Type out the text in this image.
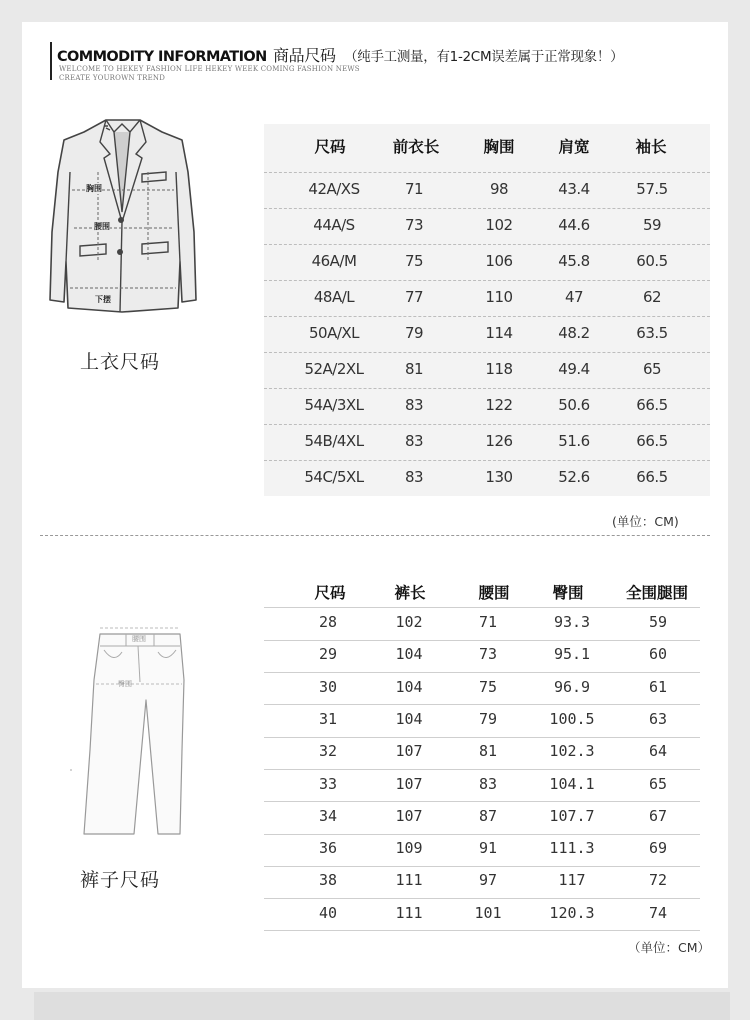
COMMODITY INFORMATION 商品尺码 （纯手工测量，有1-2CM误差属于正常现象！）
WELCOME TO HEKEY FASHION LIFE HEKEY WEEK COMING FASHION NEWS
CREATE YOUROWN TREND
胸围
腰围
下摆
上衣尺码
尺码	前衣长	胸围	肩宽	袖长
42A/XS	71	98	43.4	57.5
44A/S	73	102	44.6	59
46A/M	75	106	45.8	60.5
48A/L	77	110	47	62
50A/XL	79	114	48.2	63.5
52A/2XL	81	118	49.4	65
54A/3XL	83	122	50.6	66.5
54B/4XL	83	126	51.6	66.5
54C/5XL	83	130	52.6	66.5
(单位：CM)
腰围
臀围
裤子尺码
尺码	裤长	腰围	臀围	全围腿围
28	102	71	93.3	59
29	104	73	95.1	60
30	104	75	96.9	61
31	104	79	100.5	63
32	107	81	102.3	64
33	107	83	104.1	65
34	107	87	107.7	67
36	109	91	111.3	69
38	111	97	117	72
40	111	101	120.3	74
（单位：CM）
